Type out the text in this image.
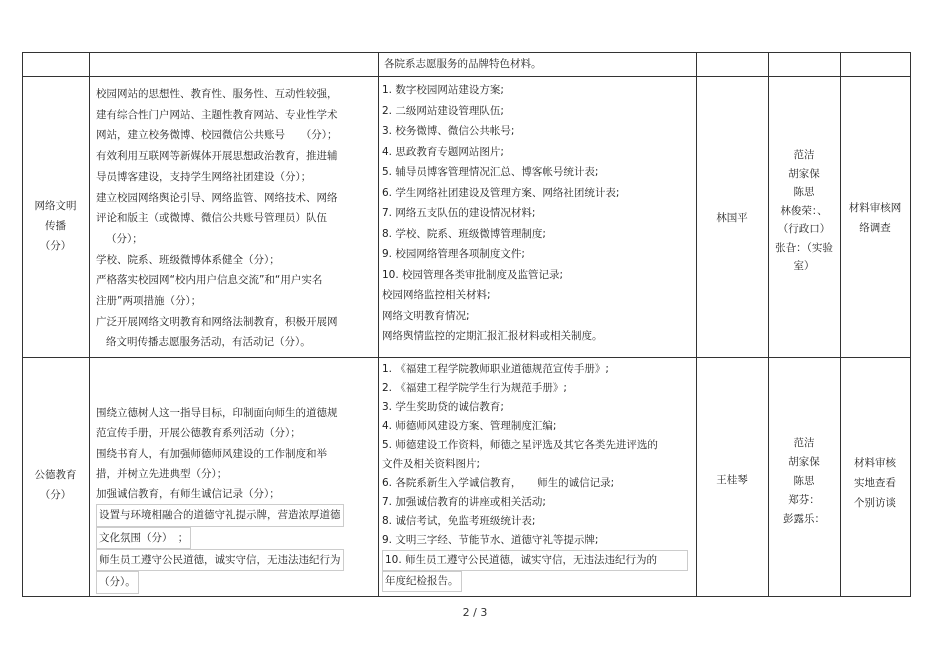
各院系志愿服务的品牌特色材料。
网络文明
传播
（分）
校园网站的思想性、教育性、服务性、互动性较强，
建有综合性门户网站、主题性教育网站、专业性学术
网站，建立校务微博、校园微信公共账号　　（分）；
有效利用互联网等新媒体开展思想政治教育，推进辅
导员博客建设，支持学生网络社团建设（分）；
建立校园网络舆论引导、网络监管、网络技术、网络
评论和版主（或微博、微信公共账号管理员）队伍
（分）；
学校、院系、班级微博体系健全（分）；
严格落实校园网“校内用户信息交流”和“用户实名
注册”两项措施（分）；
广泛开展网络文明教育和网络法制教育，积极开展网
络文明传播志愿服务活动，有活动记（分）。
1. 数字校园网站建设方案;
2. 二级网站建设管理队伍;
3. 校务微博、微信公共帐号;
4. 思政教育专题网站图片;
5. 辅导员博客管理情况汇总、博客帐号统计表;
6. 学生网络社团建设及管理方案、网络社团统计表;
7. 网络五支队伍的建设情况材料;
8. 学校、院系、班级微博管理制度;
9. 校园网络管理各项制度文件;
10. 校园管理各类审批制度及监管记录;
校园网络监控相关材料;
网络文明教育情况;
网络舆情监控的定期汇报汇报材料或相关制度。
林国平
范洁
胡家保
陈思
林俊荣：、
（行政口）
张旮：（实验
室）
材料审核网
络调查
公德教育
（分）
围绕立德树人这一指导目标，印制面向师生的道德规
范宣传手册，开展公德教育系列活动（分）；
围绕书育人，有加强师德师风建设的工作制度和举
措，并树立先进典型（分）；
加强诚信教育，有师生诚信记录（分）；
设置与环境相融合的道德守礼提示牌，营造浓厚道德
文化氛围（分）　；
师生员工遵守公民道德，诚实守信，无违法违纪行为
（分）。
1. 《福建工程学院教师职业道德规范宣传手册》;
2. 《福建工程学院学生行为规范手册》;
3. 学生奖助贷的诚信教育;
4. 师德师风建设方案、管理制度汇编;
5. 师德建设工作资料，师德之星评选及其它各类先进评选的
文件及相关资料图片;
6. 各院系新生入学诚信教育，　　师生的诚信记录;
7. 加强诚信教育的讲座或相关活动;
8. 诚信考试，免监考班级统计表;
9. 文明三字经、节能节水、道德守礼等提示牌;
10. 师生员工遵守公民道德，诚实守信，无违法违纪行为的
年度纪检报告。
王桂琴
范洁
胡家保
陈思
郑芬：
彭露乐：
材料审核
实地查看
个别访谈
2 / 3
